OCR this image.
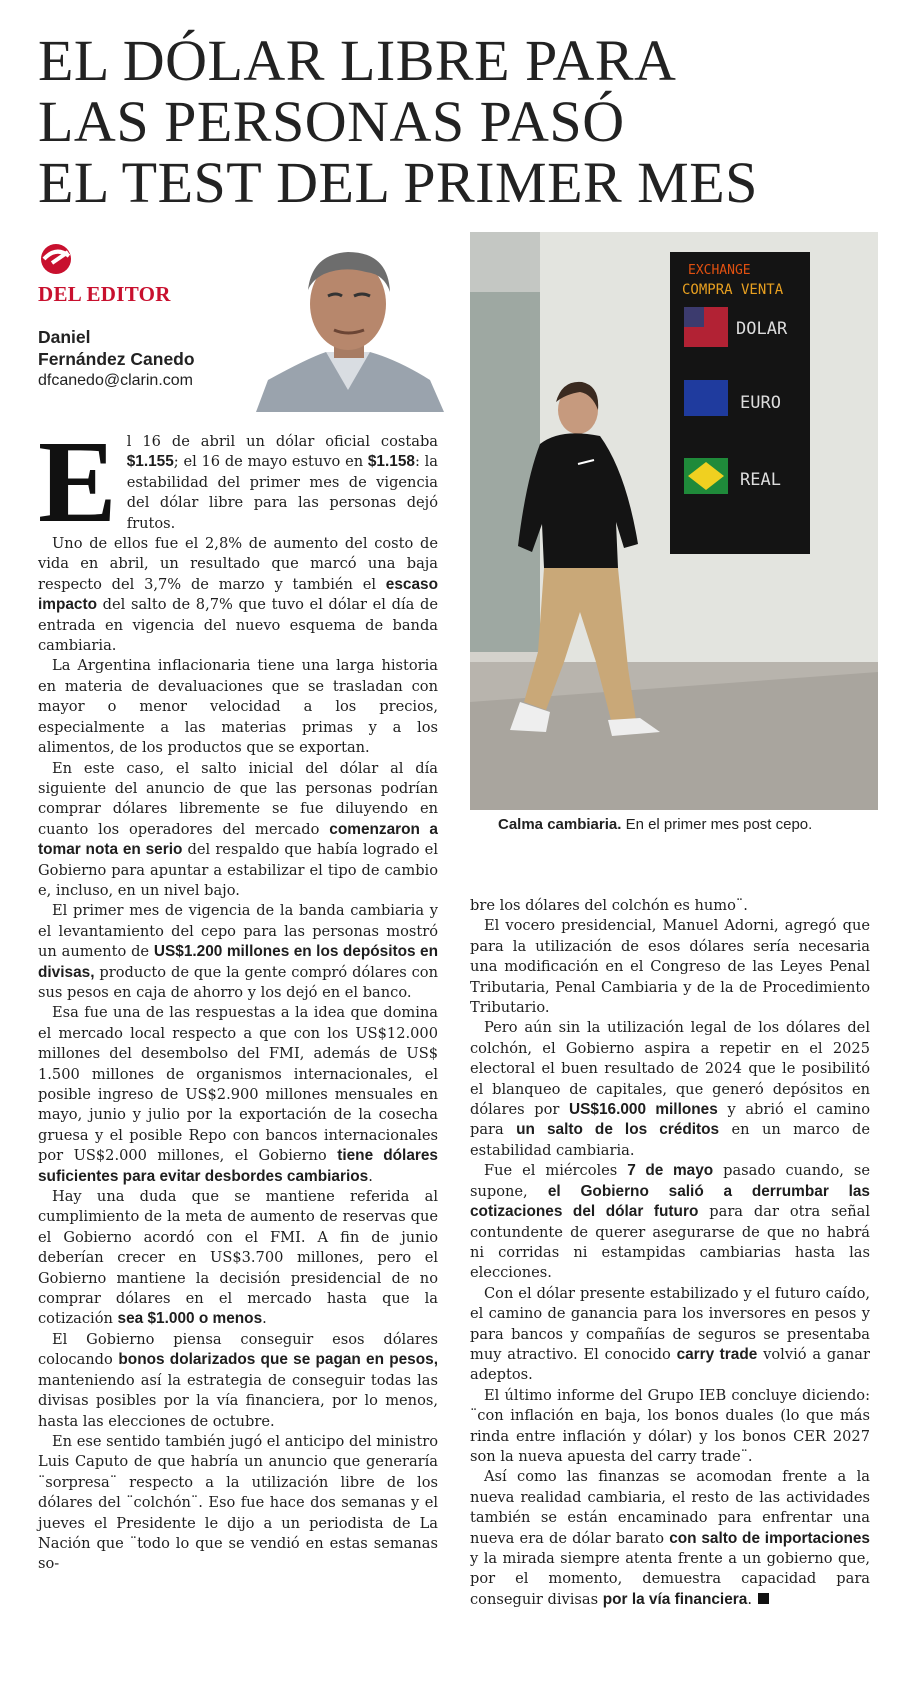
EL DÓLAR LIBRE PARA
LAS PERSONAS PASÓ
EL TEST DEL PRIMER MES
DEL EDITOR
Daniel
Fernández Canedo
dfcanedo@clarin.com
EXCHANGE
COMPRA VENTA
DOLAR
EURO
REAL
Calma cambiaria. En el primer mes post cepo.

El 16 de abril un dólar oficial costaba $1.155; el 16 de mayo estuvo en $1.158: la estabilidad del primer mes de vigencia del dólar libre para las personas dejó frutos.

Uno de ellos fue el 2,8% de aumento del costo de vida en abril, un resultado que marcó una baja respecto del 3,7% de marzo y también el escaso impacto del salto de 8,7% que tuvo el dólar el día de entrada en vigencia del nuevo esquema de banda cambiaria.

La Argentina inflacionaria tiene una larga historia en materia de devaluaciones que se trasladan con mayor o menor velocidad a los precios, especialmente a las materias primas y a los alimentos, de los productos que se exportan.

En este caso, el salto inicial del dólar al día siguiente del anuncio de que las personas podrían comprar dólares libremente se fue diluyendo en cuanto los operadores del mercado comenzaron a tomar nota en serio del respaldo que había logrado el Gobierno para apuntar a estabilizar el tipo de cambio e, incluso, en un nivel bajo.

El primer mes de vigencia de la banda cambiaria y el levantamiento del cepo para las personas mostró un aumento de US$1.200 millones en los depósitos en divisas, producto de que la gente compró dólares con sus pesos en caja de ahorro y los dejó en el banco.

Esa fue una de las respuestas a la idea que domina el mercado local respecto a que con los US$12.000 millones del desembolso del FMI, además de US$ 1.500 millones de organismos internacionales, el posible ingreso de US$2.900 millones mensuales en mayo, junio y julio por la exportación de la cosecha gruesa y el posible Repo con bancos internacionales por US$2.000 millones, el Gobierno tiene dólares suficientes para evitar desbordes cambiarios.

Hay una duda que se mantiene referida al cumplimiento de la meta de aumento de reservas que el Gobierno acordó con el FMI. A fin de junio deberían crecer en US$3.700 millones, pero el Gobierno mantiene la decisión presidencial de no comprar dólares en el mercado hasta que la cotización sea $1.000 o menos.

El Gobierno piensa conseguir esos dólares colocando bonos dolarizados que se pagan en pesos, manteniendo así la estrategia de conseguir todas las divisas posibles por la vía financiera, por lo menos, hasta las elecciones de octubre.

En ese sentido también jugó el anticipo del ministro Luis Caputo de que habría un anuncio que generaría ¨sorpresa¨ respecto a la utilización libre de los dólares del ¨colchón¨. Eso fue hace dos semanas y el jueves el Presidente le dijo a un periodista de La Nación que ¨todo lo que se vendió en estas semanas so-

bre los dólares del colchón es humo¨.

El vocero presidencial, Manuel Adorni, agregó que para la utilización de esos dólares sería necesaria una modificación en el Congreso de las Leyes Penal Tributaria, Penal Cambiaria y de la de Procedimiento Tributario.

Pero aún sin la utilización legal de los dólares del colchón, el Gobierno aspira a repetir en el 2025 electoral el buen resultado de 2024 que le posibilitó el blanqueo de capitales, que generó depósitos en dólares por US$16.000 millones y abrió el camino para un salto de los créditos en un marco de estabilidad cambiaria.

Fue el miércoles 7 de mayo pasado cuando, se supone, el Gobierno salió a derrumbar las cotizaciones del dólar futuro para dar otra señal contundente de querer asegurarse de que no habrá ni corridas ni estampidas cambiarias hasta las elecciones.

Con el dólar presente estabilizado y el futuro caído, el camino de ganancia para los inversores en pesos y para bancos y compañías de seguros se presentaba muy atractivo. El conocido carry trade volvió a ganar adeptos.

El último informe del Grupo IEB concluye diciendo: ¨con inflación en baja, los bonos duales (lo que más rinda entre inflación y dólar) y los bonos CER 2027 son la nueva apuesta del carry trade¨.

Así como las finanzas se acomodan frente a la nueva realidad cambiaria, el resto de las actividades también se están encaminado para enfrentar una nueva era de dólar barato con salto de importaciones y la mirada siempre atenta frente a un gobierno que, por el momento, demuestra capacidad para conseguir divisas por la vía financiera.
